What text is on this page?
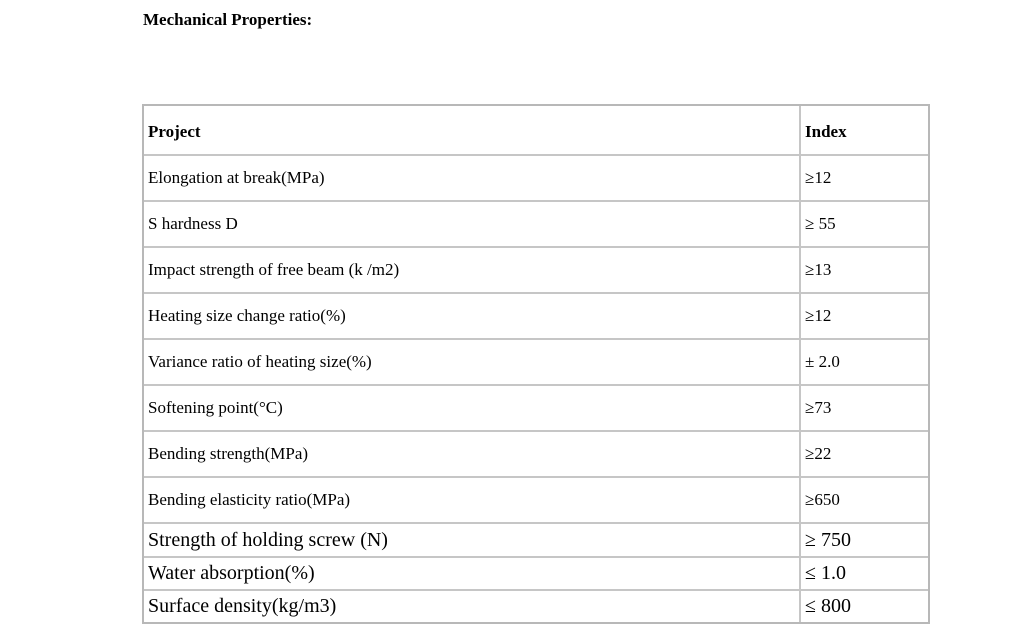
Mechanical Properties:
Project	Index
Elongation at break(MPa)	≥12
S hardness D	≥ 55
Impact strength of free beam (k /m2)	≥13
Heating size change ratio(%)	≥12
Variance ratio of heating size(%)	± 2.0
Softening point(°C)	≥73
Bending strength(MPa)	≥22
Bending elasticity ratio(MPa)	≥650
Strength of holding screw (N)	≥ 750
Water absorption(%)	≤ 1.0
Surface density(kg/m3)	≤ 800
